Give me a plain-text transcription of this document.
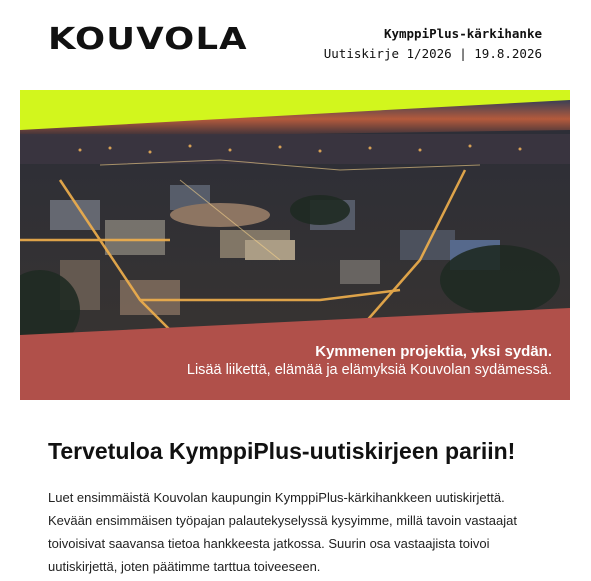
KOUVOLA	KymppiPlus-kärkihanke
Uutiskirje 1/2026 | 19.8.2026
Kymmenen projektia, yksi sydän.
Lisää liikettä, elämää ja elämyksiä Kouvolan sydämessä.
Tervetuloa KymppiPlus-uutiskirjeen pariin!
Luet ensimmäistä Kouvolan kaupungin KymppiPlus-kärkihankkeen uutiskirjettä. Kevään ensimmäisen työpajan palautekyselyssä kysyimme, millä tavoin vastaajat toivoisivat saavansa tietoa hankkeesta jatkossa. Suurin osa vastaajista toivoi uutiskirjettä, joten päätimme tarttua toiveeseen.
